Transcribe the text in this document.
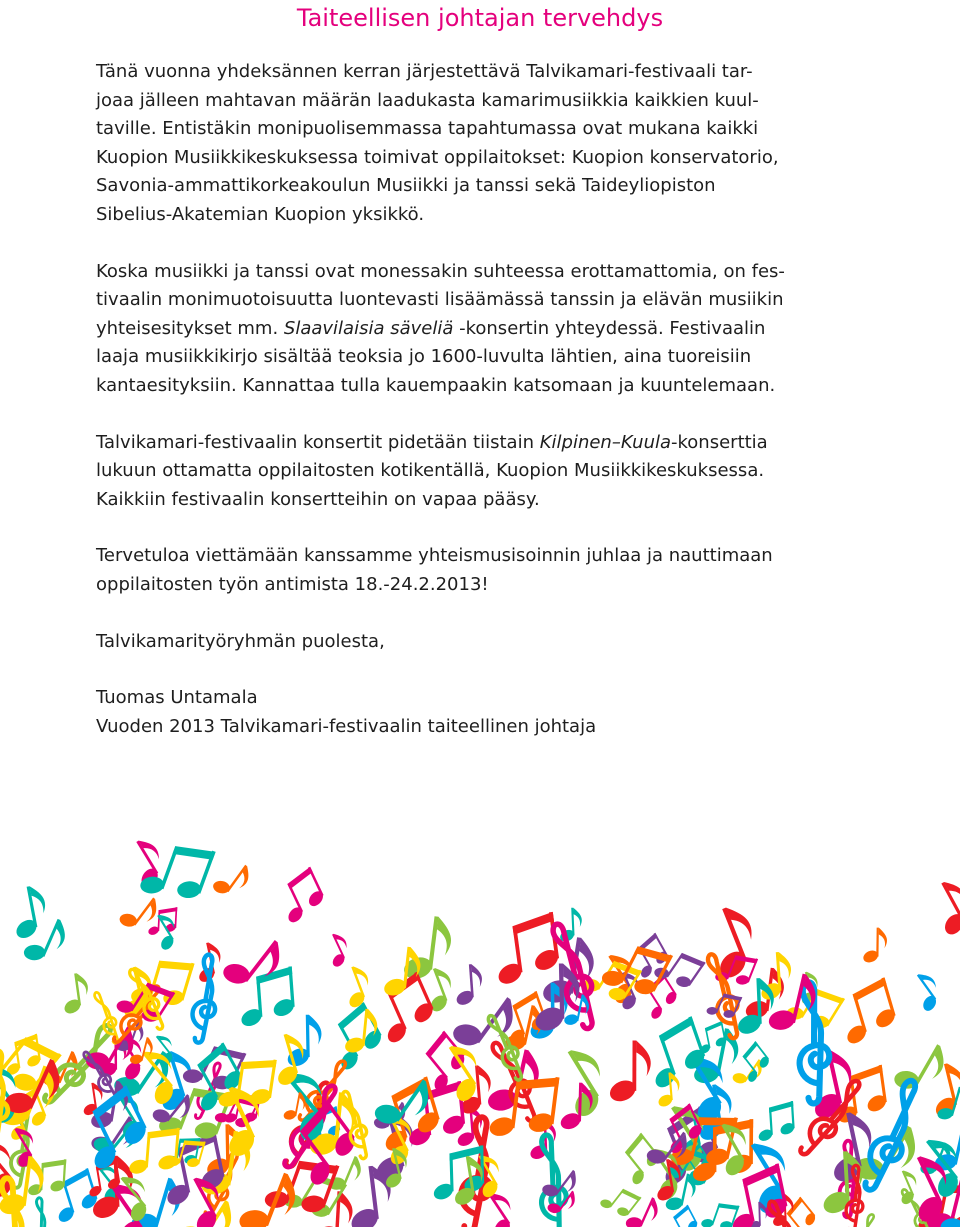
Taiteellisen johtajan tervehdys

Tänä vuonna yhdeksännen kerran järjestettävä Talvikamari-festivaali tar-
joaa jälleen mahtavan määrän laadukasta kamarimusiikkia kaikkien kuul-
taville. Entistäkin monipuolisemmassa tapahtumassa ovat mukana kaikki
Kuopion Musiikkikeskuksessa toimivat oppilaitokset: Kuopion konservatorio,
Savonia-ammattikorkeakoulun Musiikki ja tanssi sekä Taideyliopiston
Sibelius-Akatemian Kuopion yksikkö.

Koska musiikki ja tanssi ovat monessakin suhteessa erottamattomia, on fes-
tivaalin monimuotoisuutta luontevasti lisäämässä tanssin ja elävän musiikin
yhteisesitykset mm. Slaavilaisia säveliä -konsertin yhteydessä. Festivaalin
laaja musiikkikirjo sisältää teoksia jo 1600-luvulta lähtien, aina tuoreisiin
kantaesityksiin. Kannattaa tulla kauempaakin katsomaan ja kuuntelemaan.

Talvikamari-festivaalin konsertit pidetään tiistain Kilpinen–Kuula-konserttia
lukuun ottamatta oppilaitosten kotikentällä, Kuopion Musiikkikeskuksessa.
Kaikkiin festivaalin konsertteihin on vapaa pääsy.

Tervetuloa viettämään kanssamme yhteismusisoinnin juhlaa ja nauttimaan
oppilaitosten työn antimista 18.-24.2.2013!

Talvikamarityöryhmän puolesta,

Tuomas Untamala
Vuoden 2013 Talvikamari-festivaalin taiteellinen johtaja
